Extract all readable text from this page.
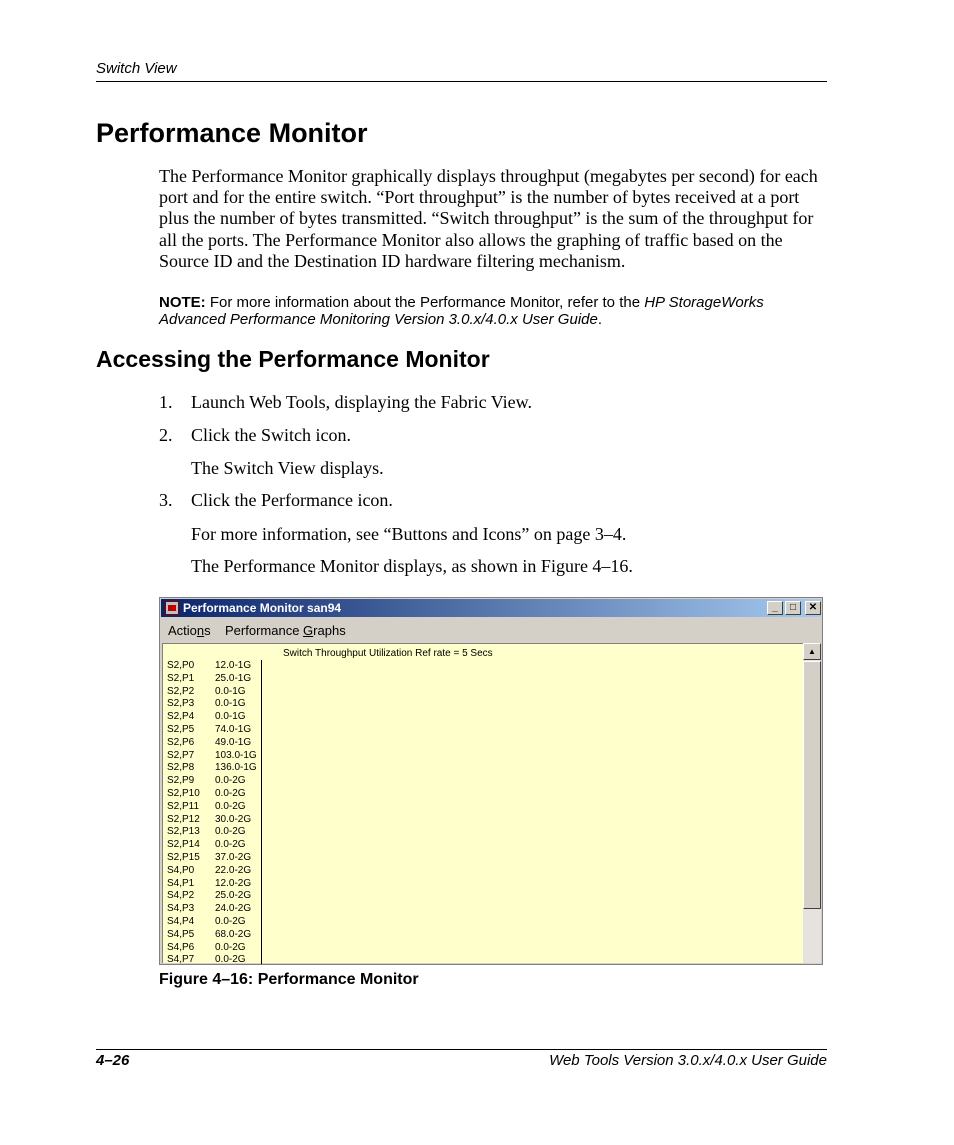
Switch View
Performance Monitor
The Performance Monitor graphically displays throughput (megabytes per second) for each port and for the entire switch. “Port throughput” is the number of bytes received at a port plus the number of bytes transmitted. “Switch throughput” is the sum of the throughput for all the ports. The Performance Monitor also allows the graphing of traffic based on the Source ID and the Destination ID hardware filtering mechanism.
NOTE: For more information about the Performance Monitor, refer to the HP StorageWorks Advanced Performance Monitoring Version 3.0.x/4.0.x User Guide.
Accessing the Performance Monitor
1. Launch Web Tools, displaying the Fabric View.
2. Click the Switch icon.
The Switch View displays.
3. Click the Performance icon.
For more information, see “Buttons and Icons” on page 3–4.
The Performance Monitor displays, as shown in Figure 4–16.
Performance Monitor san94	_	□	✕
Actions Performance Graphs
Switch Throughput Utilization Ref rate = 5 Secs
S2,P0 12.0-1G
S2,P1 25.0-1G
S2,P2 0.0-1G
S2,P3 0.0-1G
S2,P4 0.0-1G
S2,P5 74.0-1G
S2,P6 49.0-1G
S2,P7 103.0-1G
S2,P8 136.0-1G
S2,P9 0.0-2G
S2,P10 0.0-2G
S2,P11 0.0-2G
S2,P12 30.0-2G
S2,P13 0.0-2G
S2,P14 0.0-2G
S2,P15 37.0-2G
S4,P0 22.0-2G
S4,P1 12.0-2G
S4,P2 25.0-2G
S4,P3 24.0-2G
S4,P4 0.0-2G
S4,P5 68.0-2G
S4,P6 0.0-2G
S4,P7 0.0-2G
▲
Figure 4–16: Performance Monitor
4–26	Web Tools Version 3.0.x/4.0.x User Guide
